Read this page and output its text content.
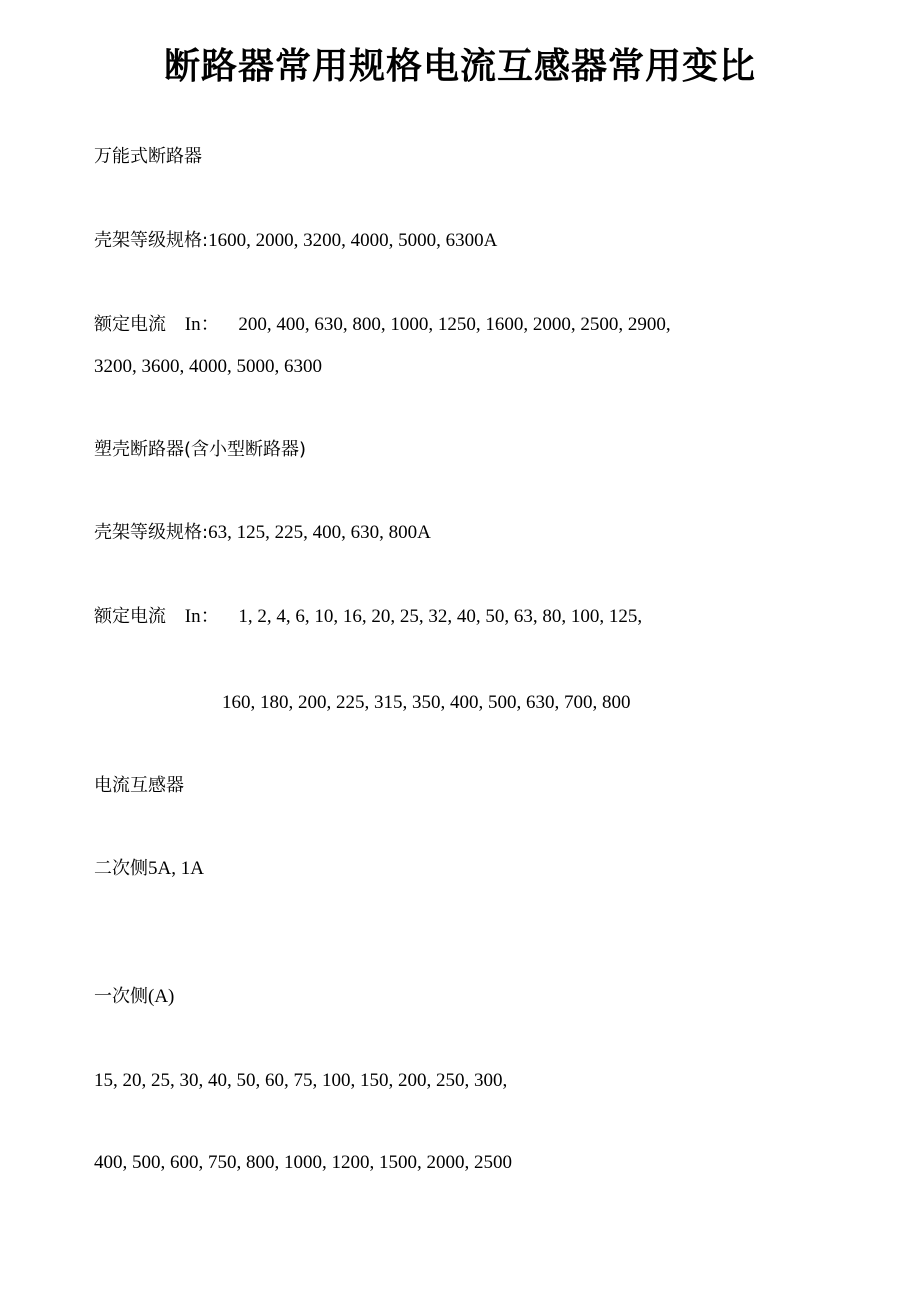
断路器常用规格电流互感器常用变比
万能式断路器
壳架等级规格:1600, 2000, 3200, 4000, 5000, 6300A
额定电流 In： 200, 400, 630, 800, 1000, 1250, 1600, 2000, 2500, 2900,
3200, 3600, 4000, 5000, 6300
塑壳断路器(含小型断路器)
壳架等级规格:63, 125, 225, 400, 630, 800A
额定电流 In： 1, 2, 4, 6, 10, 16, 20, 25, 32, 40, 50, 63, 80, 100, 125,
160, 180, 200, 225, 315, 350, 400, 500, 630, 700, 800
电流互感器
二次侧5A, 1A
一次侧(A)
15, 20, 25, 30, 40, 50, 60, 75, 100, 150, 200, 250, 300,
400, 500, 600, 750, 800, 1000, 1200, 1500, 2000, 2500
